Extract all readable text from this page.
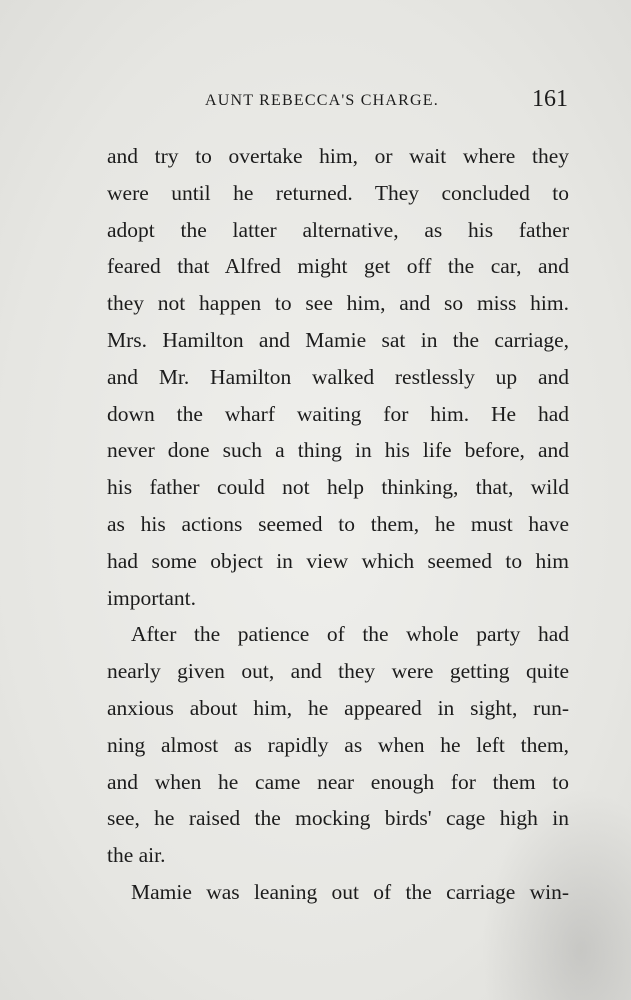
AUNT REBECCA'S CHARGE.	161
and try to overtake him, or wait where they
were until he returned. They concluded to
adopt the latter alternative, as his father
feared that Alfred might get off the car, and
they not happen to see him, and so miss him.
Mrs. Hamilton and Mamie sat in the carriage,
and Mr. Hamilton walked restlessly up and
down the wharf waiting for him. He had
never done such a thing in his life before, and
his father could not help thinking, that, wild
as his actions seemed to them, he must have
had some object in view which seemed to him
important.
After the patience of the whole party had
nearly given out, and they were getting quite
anxious about him, he appeared in sight, run-
ning almost as rapidly as when he left them,
and when he came near enough for them to
see, he raised the mocking birds' cage high in
the air.
Mamie was leaning out of the carriage win-
